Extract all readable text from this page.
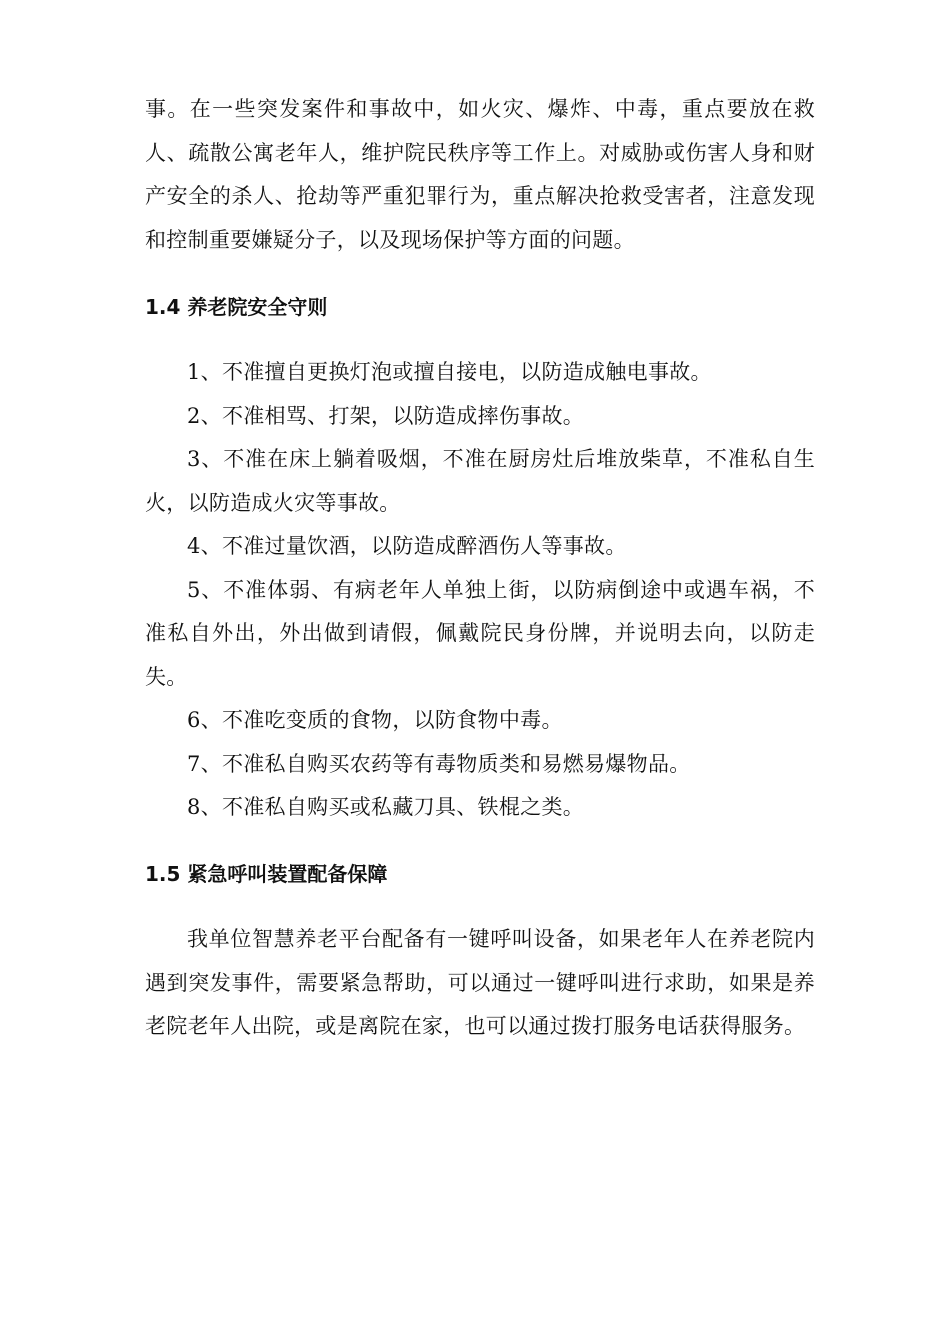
事。在一些突发案件和事故中，如火灾、爆炸、中毒，重点要放在救人、疏散公寓老年人，维护院民秩序等工作上。对威胁或伤害人身和财产安全的杀人、抢劫等严重犯罪行为，重点解决抢救受害者，注意发现和控制重要嫌疑分子，以及现场保护等方面的问题。
1.4 养老院安全守则

1、不准擅自更换灯泡或擅自接电，以防造成触电事故。

2、不准相骂、打架，以防造成摔伤事故。

3、不准在床上躺着吸烟，不准在厨房灶后堆放柴草，不准私自生火，以防造成火灾等事故。

4、不准过量饮酒，以防造成醉酒伤人等事故。

5、不准体弱、有病老年人单独上街，以防病倒途中或遇车祸，不准私自外出，外出做到请假，佩戴院民身份牌，并说明去向，以防走失。

6、不准吃变质的食物，以防食物中毒。

7、不准私自购买农药等有毒物质类和易燃易爆物品。

8、不准私自购买或私藏刀具、铁棍之类。

1.5 紧急呼叫装置配备保障

我单位智慧养老平台配备有一键呼叫设备，如果老年人在养老院内遇到突发事件，需要紧急帮助，可以通过一键呼叫进行求助，如果是养老院老年人出院，或是离院在家，也可以通过拨打服务电话获得服务。
